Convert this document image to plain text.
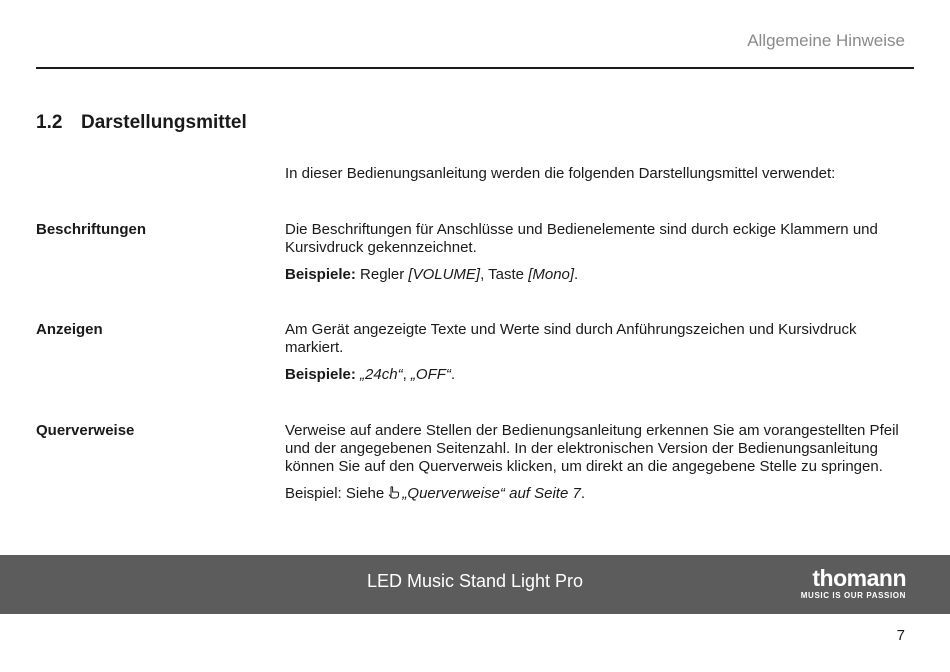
Allgemeine Hinweise
1.2 Darstellungsmittel

In dieser Bedienungsanleitung werden die folgenden Darstellungsmittel verwendet:

Beschriftungen	Die Beschriftungen für Anschlüsse und Bedienelemente sind durch eckige Klammern und Kursivdruck gekennzeichnet.

Beispiele: Regler [VOLUME], Taste [Mono].

Anzeigen	Am Gerät angezeigte Texte und Werte sind durch Anführungszeichen und Kursivdruck markiert.

Beispiele: „24ch“, „OFF“.

Querverweise	Verweise auf andere Stellen der Bedienungsanleitung erkennen Sie am vorangestellten Pfeil und der angegebenen Seitenzahl. In der elektronischen Version der Bedienungsanleitung können Sie auf den Querverweis klicken, um direkt an die angegebene Stelle zu springen.

Beispiel: Siehe „Querverweise“ auf Seite 7.

LED Music Stand Light Pro	thomann
MUSIC IS OUR PASSION
7
